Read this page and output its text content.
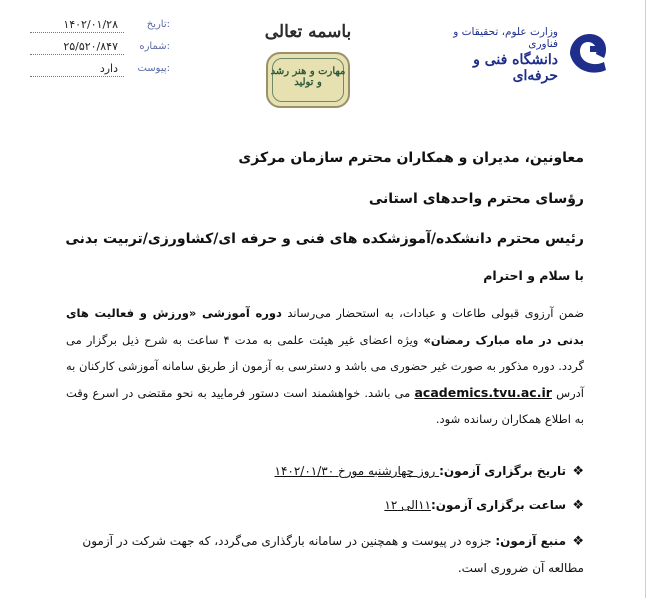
۱۴۰۲/۰۱/۲۸	تاریخ:
۲۵/۵۲۰/۸۴۷ شماره:
دارد پیوست:
باسمه تعالی
مهارت و هنر رشد و تولید
وزارت علوم، تحقیقات و فناوری
دانشگاه فنی و حرفه‌ای
معاونین، مدیران و همکاران محترم سازمان مرکزی
رؤسای محترم واحدهای استانی
رئیس محترم دانشکده/آموزشکده های فنی و حرفه ای/کشاورزی/تربیت بدنی
با سلام و احترام
ضمن آرزوی قبولی طاعات و عبادات، به استحضار می‌رساند دوره آموزشی «ورزش و فعالیت های بدنی در ماه مبارک رمضان» ویژه اعضای غیر هیئت علمی به مدت ۴ ساعت به شرح ذیل برگزار می گردد. دوره مذکور به صورت غیر حضوری می باشد و دسترسی به آزمون از طریق سامانه آموزشی کارکنان به آدرس academics.tvu.ac.ir می باشد. خواهشمند است دستور فرمایید به نحو مقتضی در اسرع وقت به اطلاع همکاران رسانده شود.
❖تاریخ برگزاری آزمون: روز چهارشنبه مورخ ۱۴۰۲/۰۱/۳۰
❖ساعت برگزاری آزمون:۱۱الی ۱۲
❖منبع آزمون: جزوه در پیوست و همچنین در سامانه بارگذاری می‌گردد، که جهت شرکت در آزمون مطالعه آن ضروری است.
